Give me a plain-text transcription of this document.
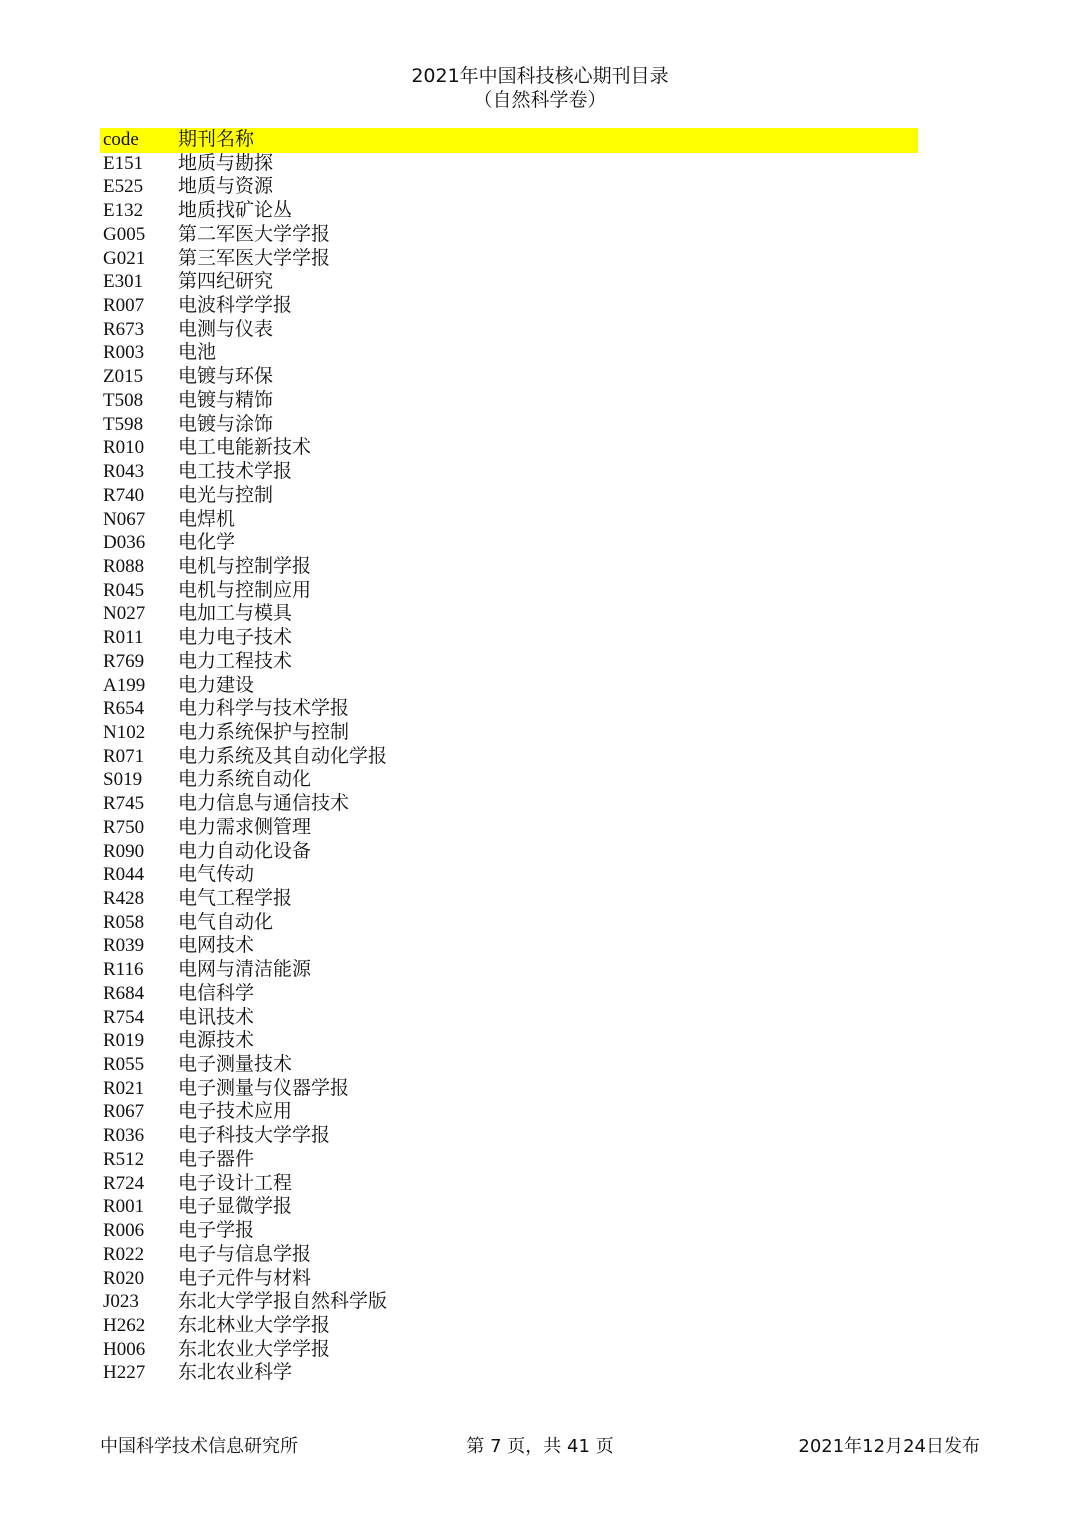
2021年中国科技核心期刊目录
（自然科学卷）
code 期刊名称
E151 地质与勘探
E525 地质与资源
E132 地质找矿论丛
G005 第二军医大学学报
G021 第三军医大学学报
E301 第四纪研究
R007 电波科学学报
R673 电测与仪表
R003 电池
Z015 电镀与环保
T508 电镀与精饰
T598 电镀与涂饰
R010 电工电能新技术
R043 电工技术学报
R740 电光与控制
N067 电焊机
D036 电化学
R088 电机与控制学报
R045 电机与控制应用
N027 电加工与模具
R011 电力电子技术
R769 电力工程技术
A199 电力建设
R654 电力科学与技术学报
N102 电力系统保护与控制
R071 电力系统及其自动化学报
S019 电力系统自动化
R745 电力信息与通信技术
R750 电力需求侧管理
R090 电力自动化设备
R044 电气传动
R428 电气工程学报
R058 电气自动化
R039 电网技术
R116 电网与清洁能源
R684 电信科学
R754 电讯技术
R019 电源技术
R055 电子测量技术
R021 电子测量与仪器学报
R067 电子技术应用
R036 电子科技大学学报
R512 电子器件
R724 电子设计工程
R001 电子显微学报
R006 电子学报
R022 电子与信息学报
R020 电子元件与材料
J023 东北大学学报自然科学版
H262 东北林业大学学报
H006 东北农业大学学报
H227 东北农业科学
中国科学技术信息研究所	第 7 页，共 41 页	2021年12月24日发布
